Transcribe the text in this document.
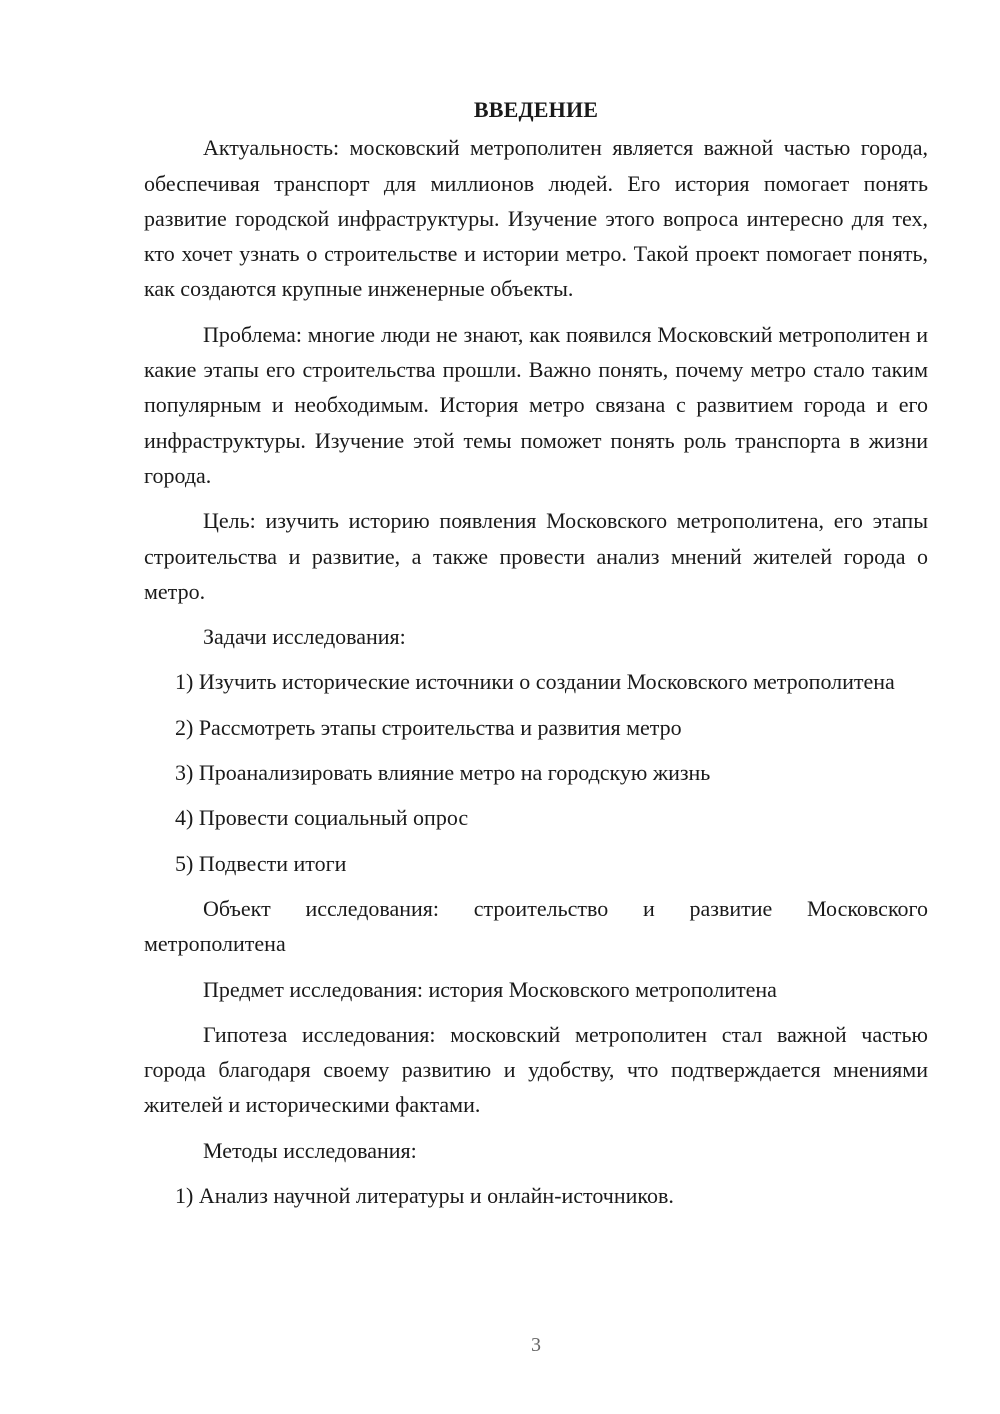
ВВЕДЕНИЕ

Актуальность: московский метрополитен является важной частью города, обеспечивая транспорт для миллионов людей. Его история помогает понять развитие городской инфраструктуры. Изучение этого вопроса интересно для тех, кто хочет узнать о строительстве и истории метро. Такой проект помогает понять, как создаются крупные инженерные объекты.

Проблема: многие люди не знают, как появился Московский метрополитен и какие этапы его строительства прошли. Важно понять, почему метро стало таким популярным и необходимым. История метро связана с развитием города и его инфраструктуры. Изучение этой темы поможет понять роль транспорта в жизни города.

Цель: изучить историю появления Московского метрополитена, его этапы строительства и развитие, а также провести анализ мнений жителей города о метро.

Задачи исследования:

1) Изучить исторические источники о создании Московского метрополитена

2) Рассмотреть этапы строительства и развития метро

3) Проанализировать влияние метро на городскую жизнь

4) Провести социальный опрос

5) Подвести итоги

Объект исследования: строительство и развитие Московского метрополитена

Предмет исследования: история Московского метрополитена

Гипотеза исследования: московский метрополитен стал важной частью города благодаря своему развитию и удобству, что подтверждается мнениями жителей и историческими фактами.

Методы исследования:

1) Анализ научной литературы и онлайн-источников.

3
